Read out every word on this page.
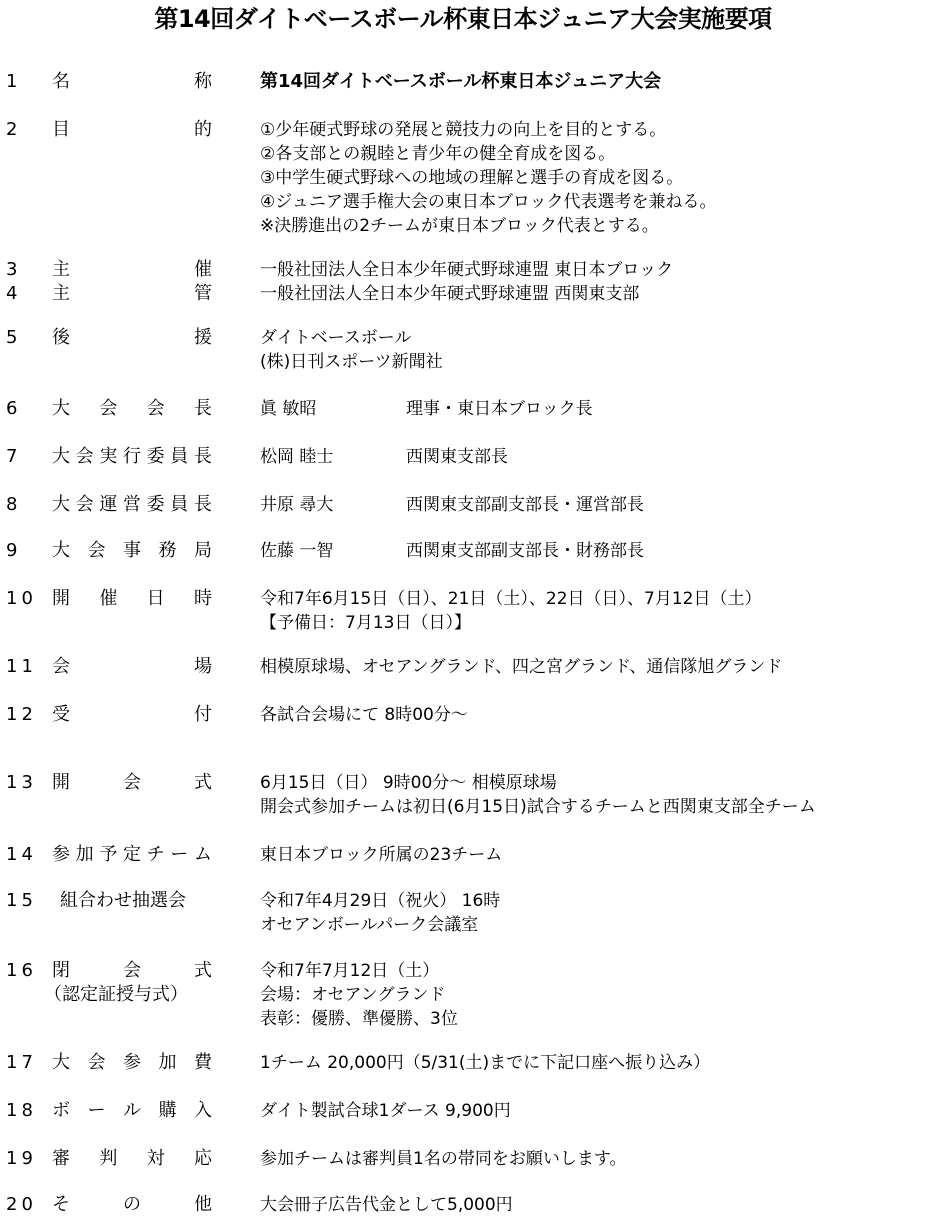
第14回ダイトベースボール杯東日本ジュニア大会実施要項
1	名	称	第14回ダイトベースボール杯東日本ジュニア大会
2	目	的	①少年硬式野球の発展と競技力の向上を目的とする。
②各支部との親睦と青少年の健全育成を図る。
③中学生硬式野球への地域の理解と選手の育成を図る。
④ジュニア選手権大会の東日本ブロック代表選考を兼ねる。
※決勝進出の2チームが東日本ブロック代表とする。
3	主	催	一般社団法人全日本少年硬式野球連盟 東日本ブロック
4	主	管	一般社団法人全日本少年硬式野球連盟 西関東支部
5	後	援	ダイトベースボール
(株)日刊スポーツ新聞社
6	大 会 会 長	眞 敏昭	理事・東日本ブロック長
7	大 会 実 行 委 員 長	松岡 睦士	西関東支部長
8	大 会 運 営 委 員 長	井原 尋大	西関東支部副支部長・運営部長
9	大 会 事 務 局	佐藤 一智	西関東支部副支部長・財務部長
10 開 催 日 時	令和7年6月15日（日）、21日（土）、22日（日）、7月12日（土）
【予備日：7月13日（日）】
11 会	場	相模原球場、オセアングランド、四之宮グランド、通信隊旭グランド
12 受	付	各試合会場にて 8時00分～
13 開	会	式	6月15日（日） 9時00分～ 相模原球場
開会式参加チームは初日(6月15日)試合するチームと西関東支部全チーム
14 参 加 予 定 チ ー ム	東日本ブロック所属の23チーム
15	組合わせ抽選会	令和7年4月29日（祝火） 16時
オセアンボールパーク会議室
16 閉	会	式
（認定証授与式）
令和7年7月12日（土）
会場：オセアングランド
表彰：優勝、準優勝、3位
17 大 会 参 加 費	1チーム 20,000円（5/31(土)までに下記口座へ振り込み）
18 ボ ー ル 購 入	ダイト製試合球1ダース 9,900円
19 審 判 対 応	参加チームは審判員1名の帯同をお願いします。
20 そ	の	他	大会冊子広告代金として5,000円
